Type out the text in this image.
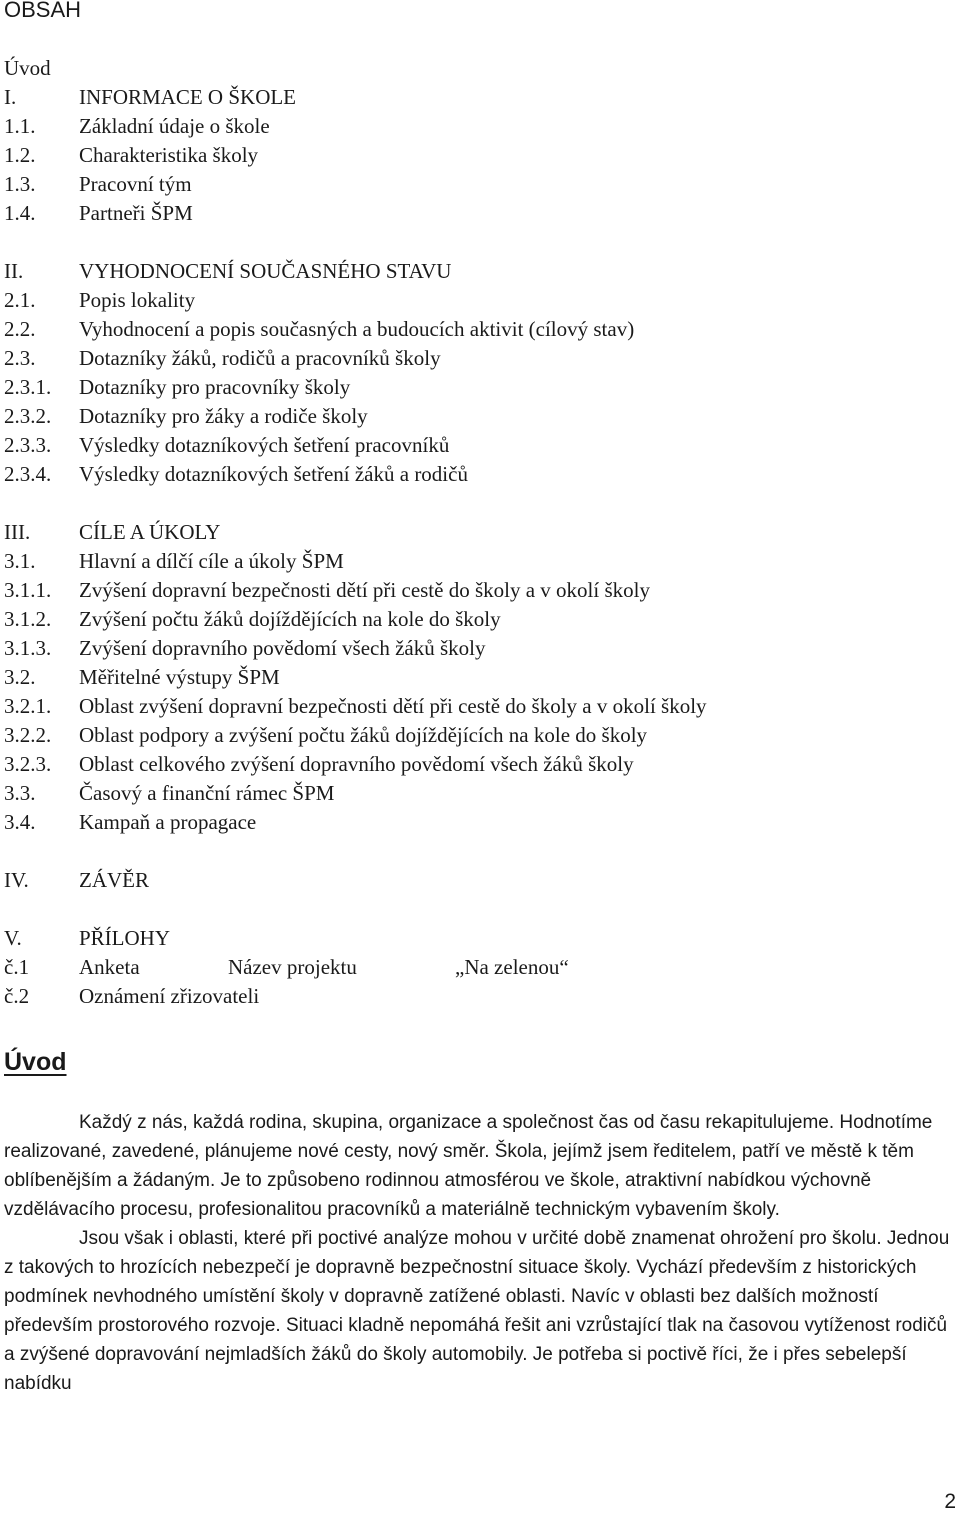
OBSAH
Úvod
I.	INFORMACE O ŠKOLE
1.1. Základní údaje o škole
1.2. Charakteristika školy
1.3. Pracovní tým
1.4. Partneři ŠPM
II.	VYHODNOCENÍ SOUČASNÉHO STAVU
2.1. Popis lokality
2.2. Vyhodnocení a popis současných a budoucích aktivit (cílový stav)
2.3. Dotazníky žáků, rodičů a pracovníků školy
2.3.1. Dotazníky pro pracovníky školy
2.3.2. Dotazníky pro žáky a rodiče školy
2.3.3. Výsledky dotazníkových šetření pracovníků
2.3.4. Výsledky dotazníkových šetření žáků a rodičů
III. CÍLE A ÚKOLY
3.1. Hlavní a dílčí cíle a úkoly ŠPM
3.1.1. Zvýšení dopravní bezpečnosti dětí při cestě do školy a v okolí školy
3.1.2. Zvýšení počtu žáků dojíždějících na kole do školy
3.1.3. Zvýšení dopravního povědomí všech žáků školy
3.2. Měřitelné výstupy ŠPM
3.2.1. Oblast zvýšení dopravní bezpečnosti dětí při cestě do školy a v okolí školy
3.2.2. Oblast podpory a zvýšení počtu žáků dojíždějících na kole do školy
3.2.3. Oblast celkového zvýšení dopravního povědomí všech žáků školy
3.3. Časový a finanční rámec ŠPM
3.4. Kampaň a propagace
IV. ZÁVĚR
V.	PŘÍLOHY
č.1 Anketa	Název projektu	„Na zelenou“
č.2 Oznámení zřizovateli
Úvod

Každý z nás, každá rodina, skupina, organizace a společnost čas od času rekapitulujeme. Hodnotíme realizované, zavedené, plánujeme nové cesty, nový směr. Škola, jejímž jsem ředitelem, patří ve městě k těm oblíbenějším a žádaným. Je to způsobeno rodinnou atmosférou ve škole, atraktivní nabídkou výchovně vzdělávacího procesu, profesionalitou pracovníků a materiálně technickým vybavením školy.

Jsou však i oblasti, které při poctivé analýze mohou v určité době znamenat ohrožení pro školu. Jednou z takových to hrozících nebezpečí je dopravně bezpečnostní situace školy. Vychází především z historických podmínek nevhodného umístění školy v dopravně zatížené oblasti. Navíc v oblasti bez dalších možností především prostorového rozvoje. Situaci kladně nepomáhá řešit ani vzrůstající tlak na časovou vytíženost rodičů a zvýšené dopravování nejmladších žáků do školy automobily. Je potřeba si poctivě říci, že i přes sebelepší nabídku

2
